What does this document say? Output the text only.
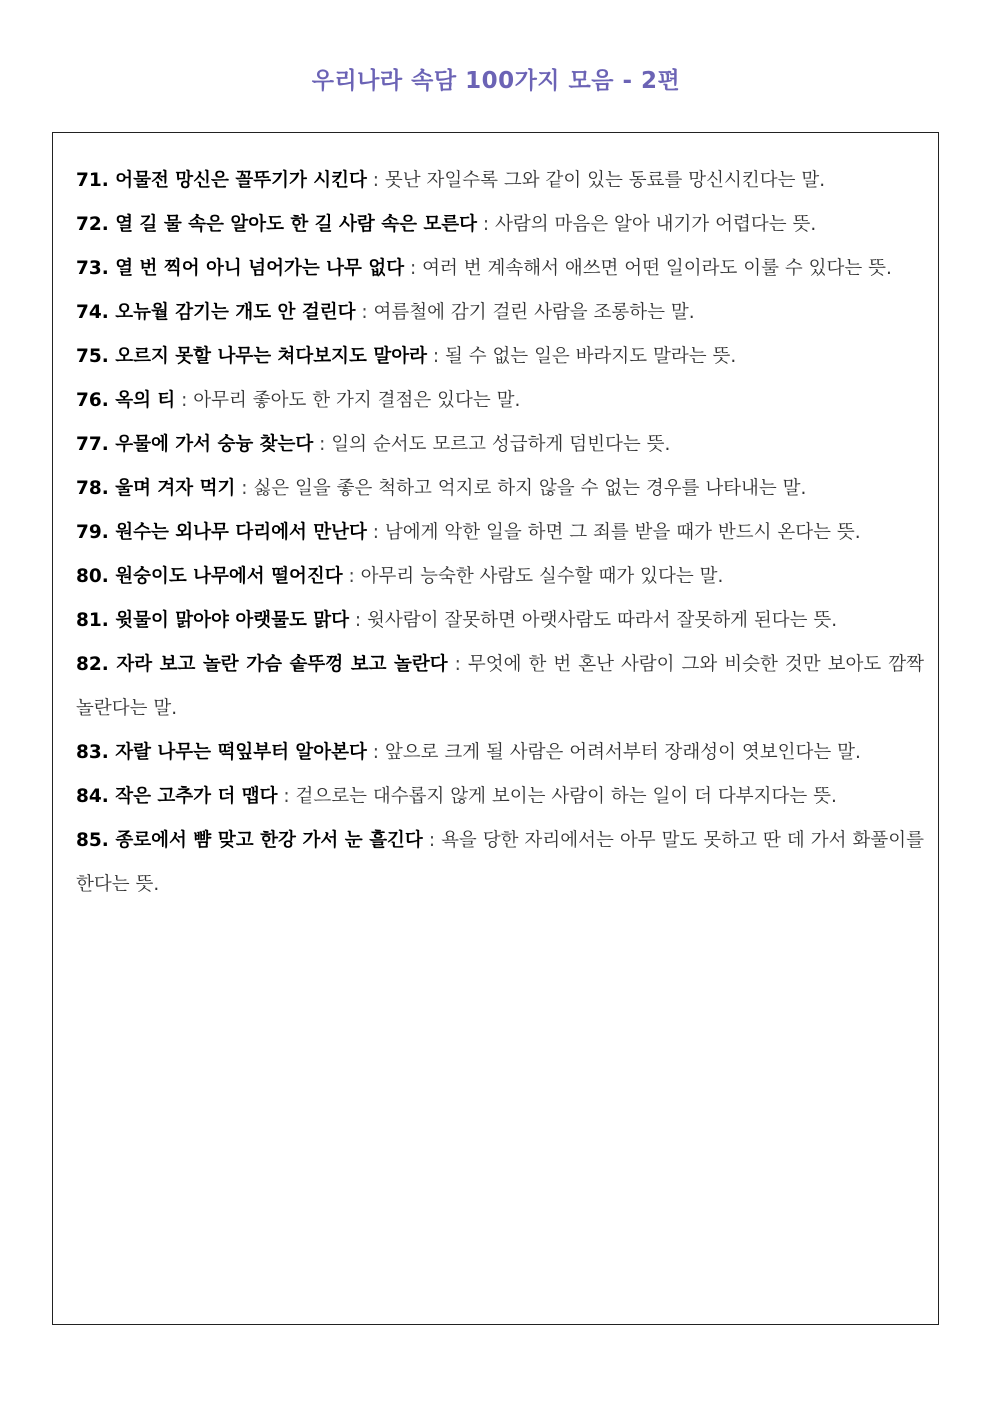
우리나라 속담 100가지 모음 - 2편

71. 어물전 망신은 꼴뚜기가 시킨다 : 못난 자일수록 그와 같이 있는 동료를 망신시킨다는 말.

72. 열 길 물 속은 알아도 한 길 사람 속은 모른다 : 사람의 마음은 알아 내기가 어렵다는 뜻.

73. 열 번 찍어 아니 넘어가는 나무 없다 : 여러 번 계속해서 애쓰면 어떤 일이라도 이룰 수 있다는 뜻.

74. 오뉴월 감기는 개도 안 걸린다 : 여름철에 감기 걸린 사람을 조롱하는 말.

75. 오르지 못할 나무는 쳐다보지도 말아라 : 될 수 없는 일은 바라지도 말라는 뜻.

76. 옥의 티 : 아무리 좋아도 한 가지 결점은 있다는 말.

77. 우물에 가서 숭늉 찾는다 : 일의 순서도 모르고 성급하게 덤빈다는 뜻.

78. 울며 겨자 먹기 : 싫은 일을 좋은 척하고 억지로 하지 않을 수 없는 경우를 나타내는 말.

79. 원수는 외나무 다리에서 만난다 : 남에게 악한 일을 하면 그 죄를 받을 때가 반드시 온다는 뜻.

80. 원숭이도 나무에서 떨어진다 : 아무리 능숙한 사람도 실수할 때가 있다는 말.

81. 윗물이 맑아야 아랫물도 맑다 : 윗사람이 잘못하면 아랫사람도 따라서 잘못하게 된다는 뜻.

82. 자라 보고 놀란 가슴 솥뚜껑 보고 놀란다 : 무엇에 한 번 혼난 사람이 그와 비슷한 것만 보아도 깜짝 놀란다는 말.

83. 자랄 나무는 떡잎부터 알아본다 : 앞으로 크게 될 사람은 어려서부터 장래성이 엿보인다는 말.

84. 작은 고추가 더 맵다 : 겉으로는 대수롭지 않게 보이는 사람이 하는 일이 더 다부지다는 뜻.

85. 종로에서 뺨 맞고 한강 가서 눈 흘긴다 : 욕을 당한 자리에서는 아무 말도 못하고 딴 데 가서 화풀이를 한다는 뜻.
